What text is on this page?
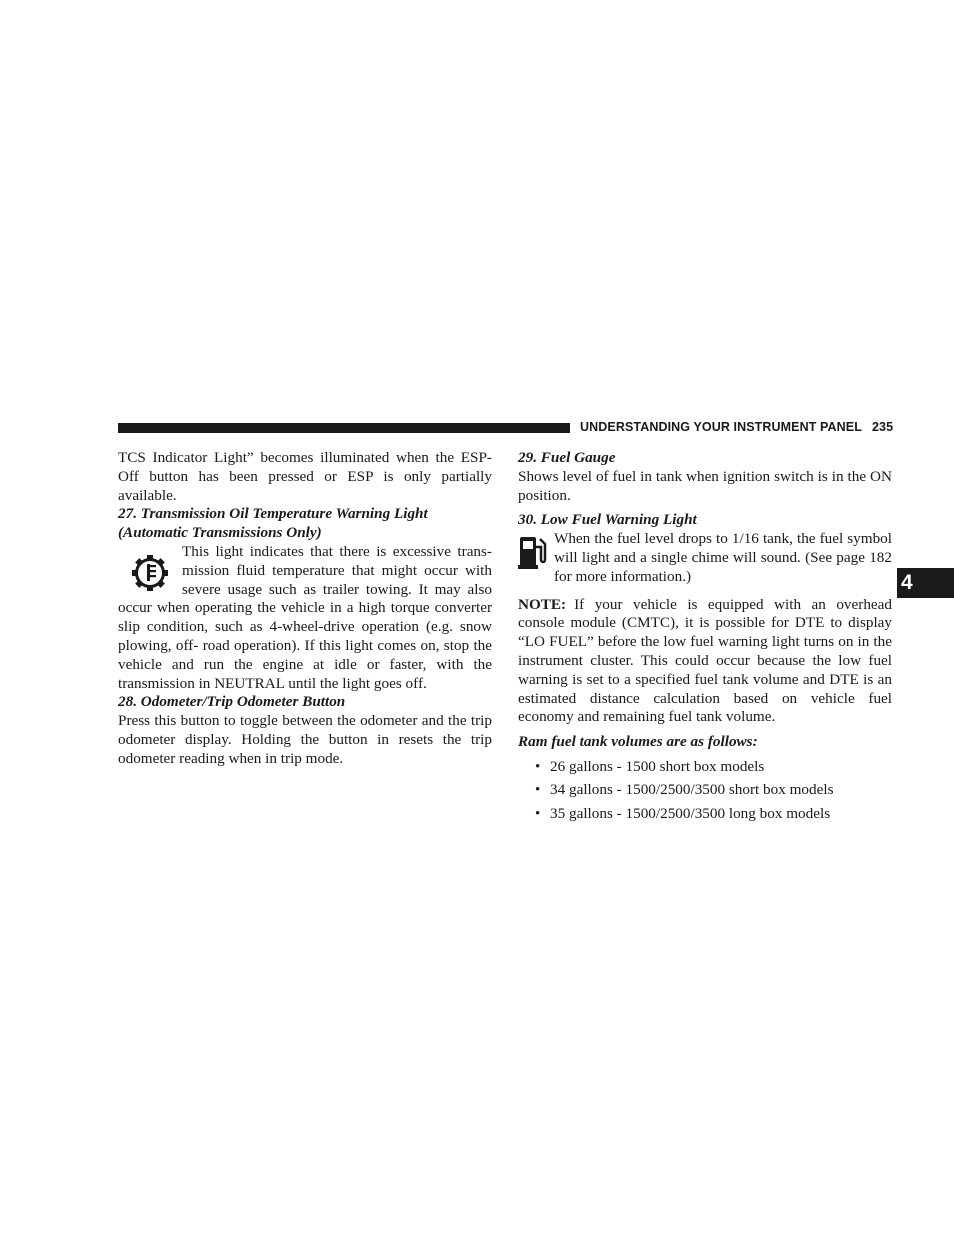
UNDERSTANDING YOUR INSTRUMENT PANEL 235
4

TCS Indicator Light” becomes illuminated when the ESP-Off button has been pressed or ESP is only partially available.

27. Transmission Oil Temperature Warning Light
(Automatic Transmissions Only)

This light indicates that there is excessive trans- mission fluid temperature that might occur with severe usage such as trailer towing. It may also occur when operating the vehicle in a high torque converter slip condition, such as 4-wheel-drive operation (e.g. snow plowing, off- road operation). If this light comes on, stop the vehicle and run the engine at idle or faster, with the transmission in NEUTRAL until the light goes off.

28. Odometer/Trip Odometer Button

Press this button to toggle between the odometer and the trip odometer display. Holding the button in resets the trip odometer reading when in trip mode.

29. Fuel Gauge

Shows level of fuel in tank when ignition switch is in the ON position.

30. Low Fuel Warning Light

When the fuel level drops to 1/16 tank, the fuel symbol will light and a single chime will sound. (See page 182 for more information.)

NOTE: If your vehicle is equipped with an overhead console module (CMTC), it is possible for DTE to display “LO FUEL” before the low fuel warning light turns on in the instrument cluster. This could occur because the low fuel warning is set to a specified fuel tank volume and DTE is an estimated distance calculation based on vehicle fuel economy and remaining fuel tank volume.

Ram fuel tank volumes are as follows:

• 26 gallons - 1500 short box models
• 34 gallons - 1500/2500/3500 short box models
• 35 gallons - 1500/2500/3500 long box models
